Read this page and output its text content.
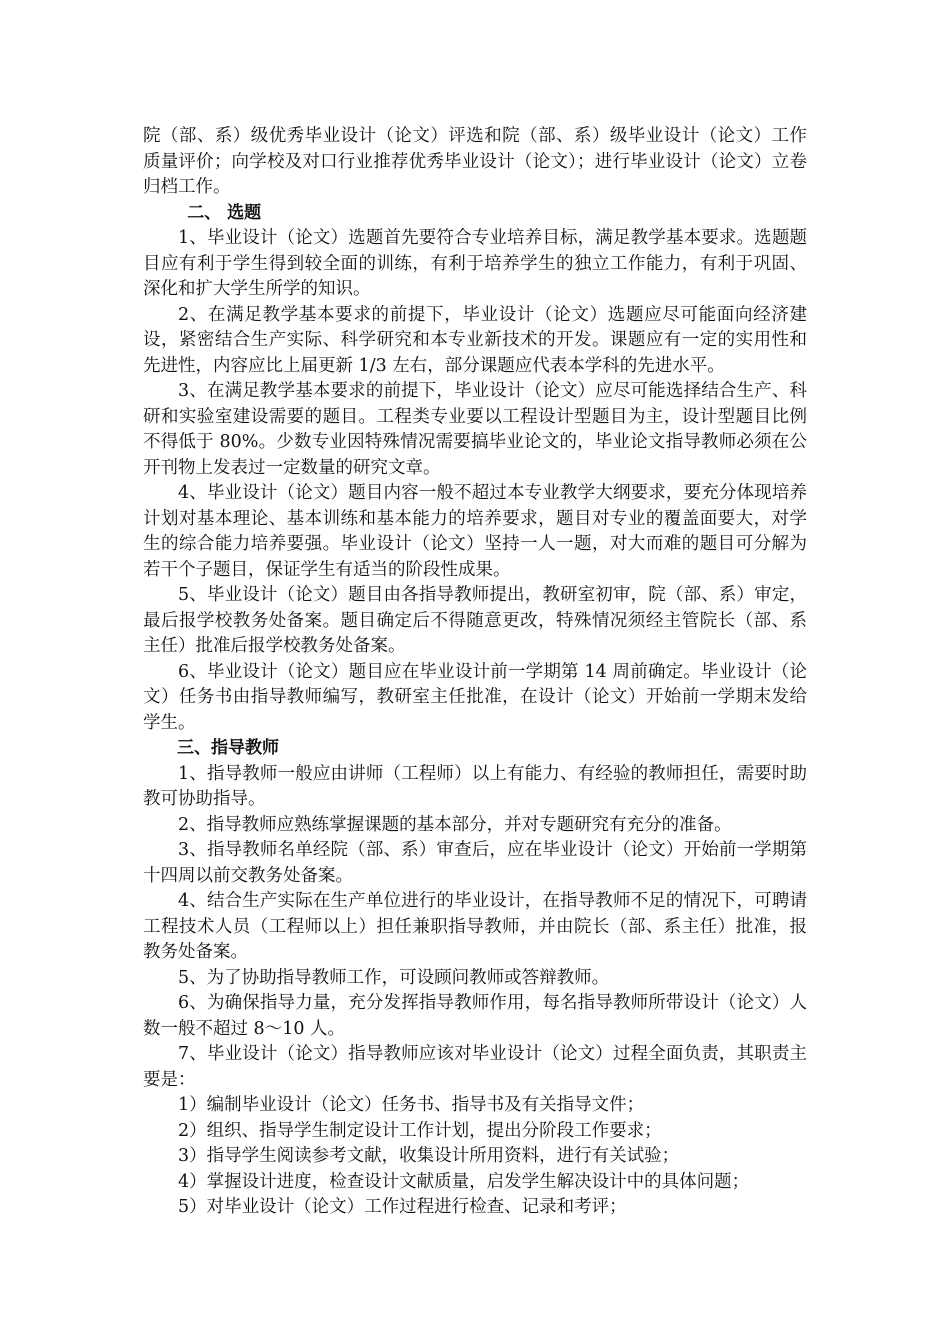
院（部、系）级优秀毕业设计（论文）评选和院（部、系）级毕业设计（论文）工作质量评价；向学校及对口行业推荐优秀毕业设计（论文）；进行毕业设计（论文）立卷归档工作。

二、 选题

1、毕业设计（论文）选题首先要符合专业培养目标，满足教学基本要求。选题题目应有利于学生得到较全面的训练，有利于培养学生的独立工作能力，有利于巩固、深化和扩大学生所学的知识。

2、在满足教学基本要求的前提下，毕业设计（论文）选题应尽可能面向经济建设，紧密结合生产实际、科学研究和本专业新技术的开发。课题应有一定的实用性和先进性，内容应比上届更新 1/3 左右，部分课题应代表本学科的先进水平。

3、在满足教学基本要求的前提下，毕业设计（论文）应尽可能选择结合生产、科研和实验室建设需要的题目。工程类专业要以工程设计型题目为主，设计型题目比例不得低于 80%。少数专业因特殊情况需要搞毕业论文的，毕业论文指导教师必须在公开刊物上发表过一定数量的研究文章。

4、毕业设计（论文）题目内容一般不超过本专业教学大纲要求，要充分体现培养计划对基本理论、基本训练和基本能力的培养要求，题目对专业的覆盖面要大，对学生的综合能力培养要强。毕业设计（论文）坚持一人一题，对大而难的题目可分解为若干个子题目，保证学生有适当的阶段性成果。

5、毕业设计（论文）题目由各指导教师提出，教研室初审，院（部、系）审定，最后报学校教务处备案。题目确定后不得随意更改，特殊情况须经主管院长（部、系主任）批准后报学校教务处备案。

6、毕业设计（论文）题目应在毕业设计前一学期第 14 周前确定。毕业设计（论文）任务书由指导教师编写，教研室主任批准，在设计（论文）开始前一学期末发给学生。

三、指导教师

1、指导教师一般应由讲师（工程师）以上有能力、有经验的教师担任，需要时助教可协助指导。

2、指导教师应熟练掌握课题的基本部分，并对专题研究有充分的准备。

3、指导教师名单经院（部、系）审查后，应在毕业设计（论文）开始前一学期第十四周以前交教务处备案。

4、结合生产实际在生产单位进行的毕业设计，在指导教师不足的情况下，可聘请工程技术人员（工程师以上）担任兼职指导教师，并由院长（部、系主任）批准，报教务处备案。

5、为了协助指导教师工作，可设顾问教师或答辩教师。

6、为确保指导力量，充分发挥指导教师作用，每名指导教师所带设计（论文）人数一般不超过 8～10 人。

7、毕业设计（论文）指导教师应该对毕业设计（论文）过程全面负责，其职责主要是：

1）编制毕业设计（论文）任务书、指导书及有关指导文件；

2）组织、指导学生制定设计工作计划，提出分阶段工作要求；

3）指导学生阅读参考文献，收集设计所用资料，进行有关试验；

4）掌握设计进度，检查设计文献质量，启发学生解决设计中的具体问题；

5）对毕业设计（论文）工作过程进行检查、记录和考评；
